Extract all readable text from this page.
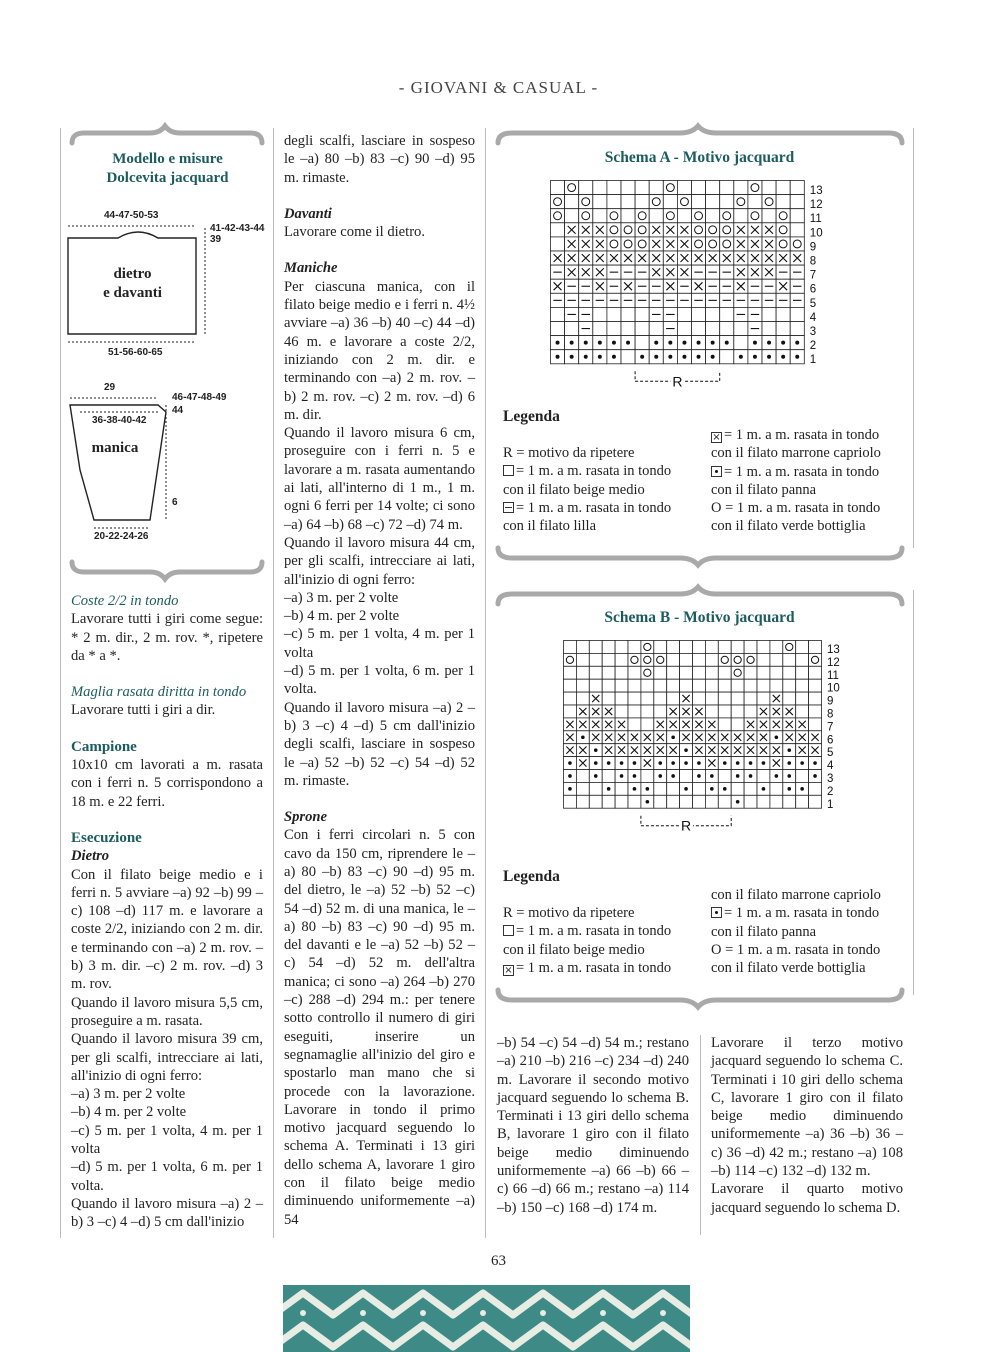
- GIOVANI & CASUAL -
Modello e misure
Dolcevita jacquard
44-47-50-53
41-42-43-44
39
dietro
e davanti
51-56-60-65
29
36-38-40-42
46-47-48-49
44
manica
6
20-22-24-26

Coste 2/2 in tondo

Lavorare tutti i giri come segue: * 2 m. dir., 2 m. rov. *, ripetere da * a *.

Maglia rasata diritta in tondo

Lavorare tutti i giri a dir.

Campione

10x10 cm lavorati a m. rasata con i ferri n. 5 corrispondono a 18 m. e 22 ferri.

Esecuzione

Dietro

Con il filato beige medio e i ferri n. 5 avviare –a) 92 –b) 99 –c) 108 –d) 117 m. e lavorare a coste 2/2, iniziando con 2 m. dir. e terminando con –a) 2 m. rov. –b) 3 m. dir. –c) 2 m. rov. –d) 3 m. rov.

Quando il lavoro misura 5,5 cm, proseguire a m. rasata.

Quando il lavoro misura 39 cm, per gli scalfi, intrecciare ai lati, all'inizio di ogni ferro:

–a) 3 m. per 2 volte

–b) 4 m. per 2 volte

–c) 5 m. per 1 volta, 4 m. per 1 volta

–d) 5 m. per 1 volta, 6 m. per 1 volta.

Quando il lavoro misura –a) 2 –b) 3 –c) 4 –d) 5 cm dall'inizio

degli scalfi, lasciare in sospeso le –a) 80 –b) 83 –c) 90 –d) 95 m. rimaste.

Davanti

Lavorare come il dietro.

Maniche

Per ciascuna manica, con il filato beige medio e i ferri n. 4½ avviare –a) 36 –b) 40 –c) 44 –d) 46 m. e lavorare a coste 2/2, iniziando con 2 m. dir. e terminando con –a) 2 m. rov. –b) 2 m. rov. –c) 2 m. rov. –d) 6 m. dir.

Quando il lavoro misura 6 cm, proseguire con i ferri n. 5 e lavorare a m. rasata aumentando ai lati, all'interno di 1 m., 1 m. ogni 6 ferri per 14 volte; ci sono –a) 64 –b) 68 –c) 72 –d) 74 m.

Quando il lavoro misura 44 cm, per gli scalfi, intrecciare ai lati, all'inizio di ogni ferro:

–a) 3 m. per 2 volte

–b) 4 m. per 2 volte

–c) 5 m. per 1 volta, 4 m. per 1 volta

–d) 5 m. per 1 volta, 6 m. per 1 volta.

Quando il lavoro misura –a) 2 –b) 3 –c) 4 –d) 5 cm dall'inizio degli scalfi, lasciare in sospeso le –a) 52 –b) 52 –c) 54 –d) 52 m. rimaste.

Sprone

Con i ferri circolari n. 5 con cavo da 150 cm, riprendere le –a) 80 –b) 83 –c) 90 –d) 95 m. del dietro, le –a) 52 –b) 52 –c) 54 –d) 52 m. di una manica, le –a) 80 –b) 83 –c) 90 –d) 95 m. del davanti e le –a) 52 –b) 52 –c) 54 –d) 52 m. dell'altra manica; ci sono –a) 264 –b) 270 –c) 288 –d) 294 m.: per tenere sotto controllo il numero di giri eseguiti, inserire un segnamaglie all'inizio del giro e spostarlo man mano che si procede con la lavorazione. Lavorare in tondo il primo motivo jacquard seguendo lo schema A. Terminati i 13 giri dello schema A, lavorare 1 giro con il filato beige medio diminuendo uniformemente –a) 54

Schema A - Motivo jacquard
13
12
11
10
9
8
7
6
5
4
3
2
1
R
Legenda

R = motivo da ripetere

= 1 m. a m. rasata in tondo

con il filato beige medio

= 1 m. a m. rasata in tondo

con il filato lilla

× = 1 m. a m. rasata in tondo

con il filato marrone capriolo

= 1 m. a m. rasata in tondo

con il filato panna

O = 1 m. a m. rasata in tondo

con il filato verde bottiglia

Schema B - Motivo jacquard
13
12
11
10
9
8
7
6
5
4
3
2
1
R
Legenda

R = motivo da ripetere

= 1 m. a m. rasata in tondo

con il filato beige medio

× = 1 m. a m. rasata in tondo

con il filato marrone capriolo

= 1 m. a m. rasata in tondo

con il filato panna

O = 1 m. a m. rasata in tondo

con il filato verde bottiglia

–b) 54 –c) 54 –d) 54 m.; restano –a) 210 –b) 216 –c) 234 –d) 240 m. Lavorare il secondo motivo jacquard seguendo lo schema B. Terminati i 13 giri dello schema B, lavorare 1 giro con il filato beige medio diminuendo uniformemente –a) 66 –b) 66 –c) 66 –d) 66 m.; restano –a) 114 –b) 150 –c) 168 –d) 174 m.

Lavorare il terzo motivo jacquard seguendo lo schema C. Terminati i 10 giri dello schema C, lavorare 1 giro con il filato beige medio diminuendo uniformemente –a) 36 –b) 36 –c) 36 –d) 42 m.; restano –a) 108 –b) 114 –c) 132 –d) 132 m.

Lavorare il quarto motivo jacquard seguendo lo schema D.

63
